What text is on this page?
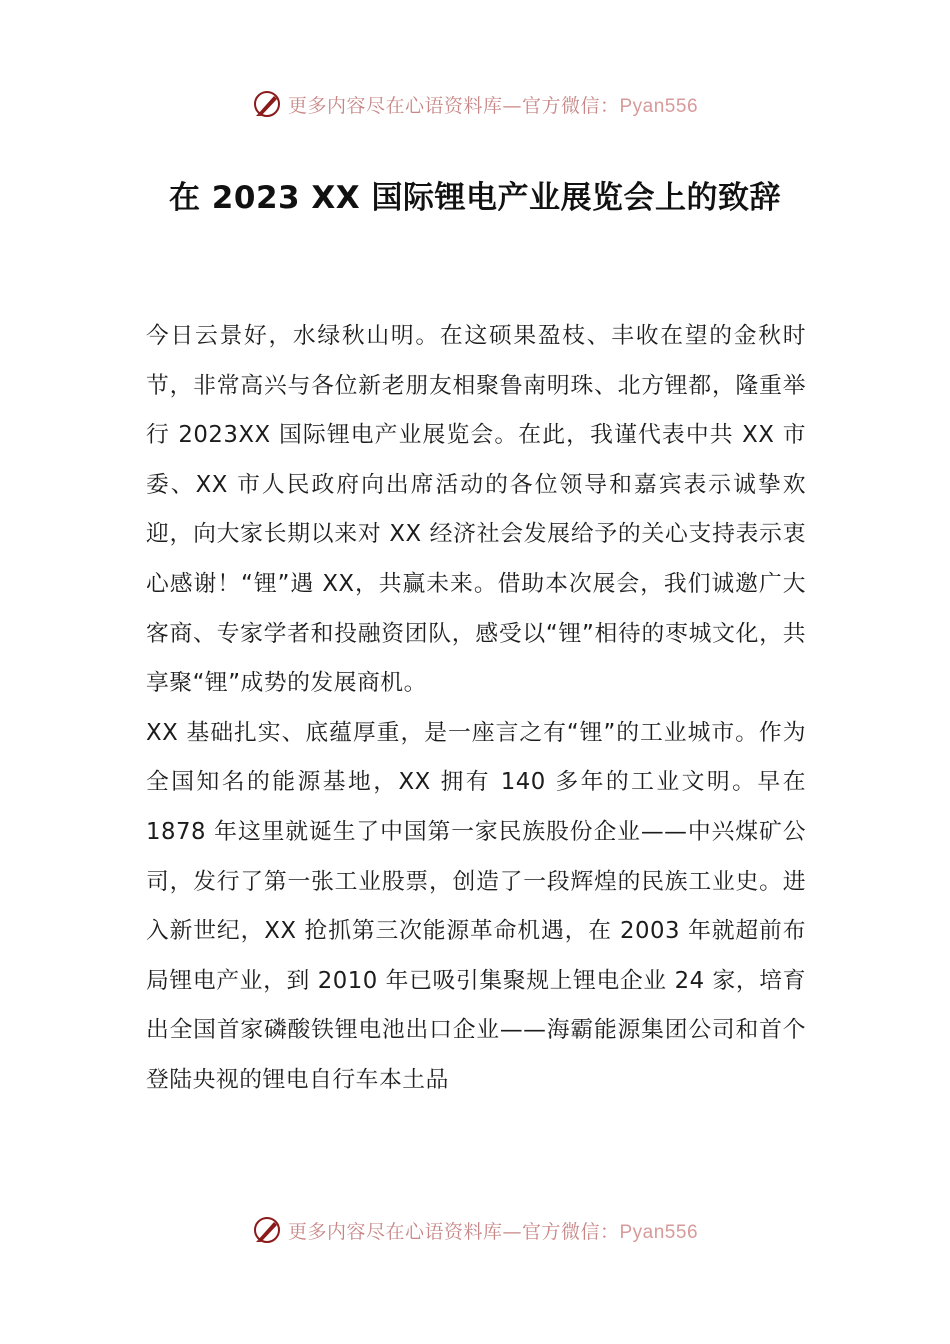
更多内容尽在心语资料库—官方微信：Pyan556
在 2023 XX 国际锂电产业展览会上的致辞

今日云景好，水绿秋山明。在这硕果盈枝、丰收在望的金秋时节，非常高兴与各位新老朋友相聚鲁南明珠、北方锂都，隆重举行 2023XX 国际锂电产业展览会。在此，我谨代表中共 XX 市委、XX 市人民政府向出席活动的各位领导和嘉宾表示诚挚欢迎，向大家长期以来对 XX 经济社会发展给予的关心支持表示衷心感谢！“锂”遇 XX，共赢未来。借助本次展会，我们诚邀广大客商、专家学者和投融资团队，感受以“锂”相待的枣城文化，共享聚“锂”成势的发展商机。

XX 基础扎实、底蕴厚重，是一座言之有“锂”的工业城市。作为全国知名的能源基地，XX 拥有 140 多年的工业文明。早在 1878 年这里就诞生了中国第一家民族股份企业——中兴煤矿公司，发行了第一张工业股票，创造了一段辉煌的民族工业史。进入新世纪，XX 抢抓第三次能源革命机遇，在 2003 年就超前布局锂电产业，到 2010 年已吸引集聚规上锂电企业 24 家，培育出全国首家磷酸铁锂电池出口企业——海霸能源集团公司和首个登陆央视的锂电自行车本土品

更多内容尽在心语资料库—官方微信：Pyan556
